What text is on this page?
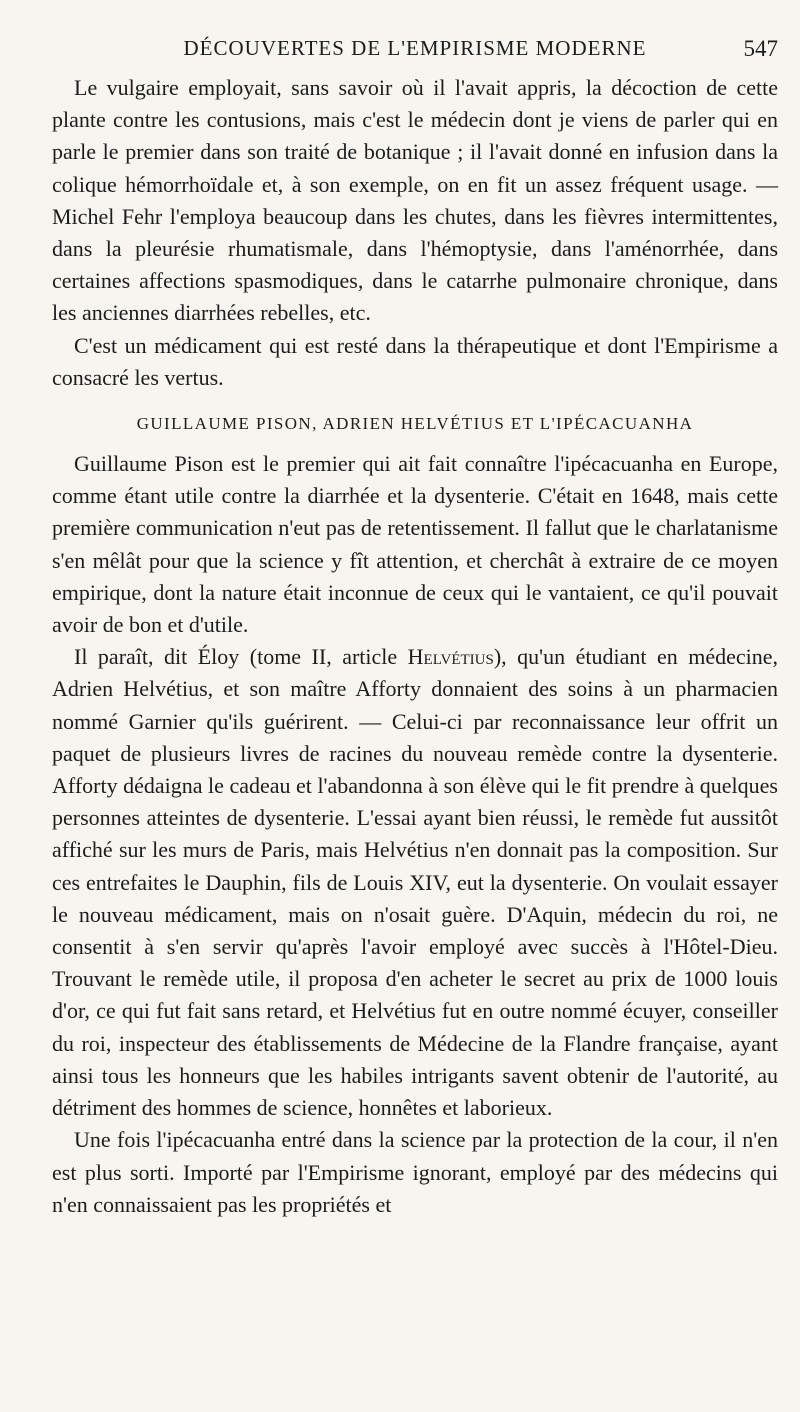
DÉCOUVERTES DE L'EMPIRISME MODERNE	547

Le vulgaire employait, sans savoir où il l'avait appris, la décoction de cette plante contre les contusions, mais c'est le médecin dont je viens de parler qui en parle le premier dans son traité de botanique ; il l'avait donné en infusion dans la colique hémorrhoïdale et, à son exemple, on en fit un assez fréquent usage. — Michel Fehr l'employa beaucoup dans les chutes, dans les fièvres intermittentes, dans la pleurésie rhumatismale, dans l'hémoptysie, dans l'aménorrhée, dans certaines affections spasmodiques, dans le catarrhe pulmonaire chronique, dans les anciennes diarrhées rebelles, etc.

C'est un médicament qui est resté dans la thérapeutique et dont l'Empirisme a consacré les vertus.

GUILLAUME PISON, ADRIEN HELVÉTIUS ET L'IPÉCACUANHA

Guillaume Pison est le premier qui ait fait connaître l'ipécacuanha en Europe, comme étant utile contre la diarrhée et la dysenterie. C'était en 1648, mais cette première communication n'eut pas de retentissement. Il fallut que le charlatanisme s'en mêlât pour que la science y fît attention, et cherchât à extraire de ce moyen empirique, dont la nature était inconnue de ceux qui le vantaient, ce qu'il pouvait avoir de bon et d'utile.

Il paraît, dit Éloy (tome II, article Helvétius), qu'un étudiant en médecine, Adrien Helvétius, et son maître Afforty donnaient des soins à un pharmacien nommé Garnier qu'ils guérirent. — Celui-ci par reconnaissance leur offrit un paquet de plusieurs livres de racines du nouveau remède contre la dysenterie. Afforty dédaigna le cadeau et l'abandonna à son élève qui le fit prendre à quelques personnes atteintes de dysenterie. L'essai ayant bien réussi, le remède fut aussitôt affiché sur les murs de Paris, mais Helvétius n'en donnait pas la composition. Sur ces entrefaites le Dauphin, fils de Louis XIV, eut la dysenterie. On voulait essayer le nouveau médicament, mais on n'osait guère. D'Aquin, médecin du roi, ne consentit à s'en servir qu'après l'avoir employé avec succès à l'Hôtel-Dieu. Trouvant le remède utile, il proposa d'en acheter le secret au prix de 1000 louis d'or, ce qui fut fait sans retard, et Helvétius fut en outre nommé écuyer, conseiller du roi, inspecteur des établissements de Médecine de la Flandre française, ayant ainsi tous les honneurs que les habiles intrigants savent obtenir de l'autorité, au détriment des hommes de science, honnêtes et laborieux.

Une fois l'ipécacuanha entré dans la science par la protection de la cour, il n'en est plus sorti. Importé par l'Empirisme ignorant, employé par des médecins qui n'en connaissaient pas les propriétés et
